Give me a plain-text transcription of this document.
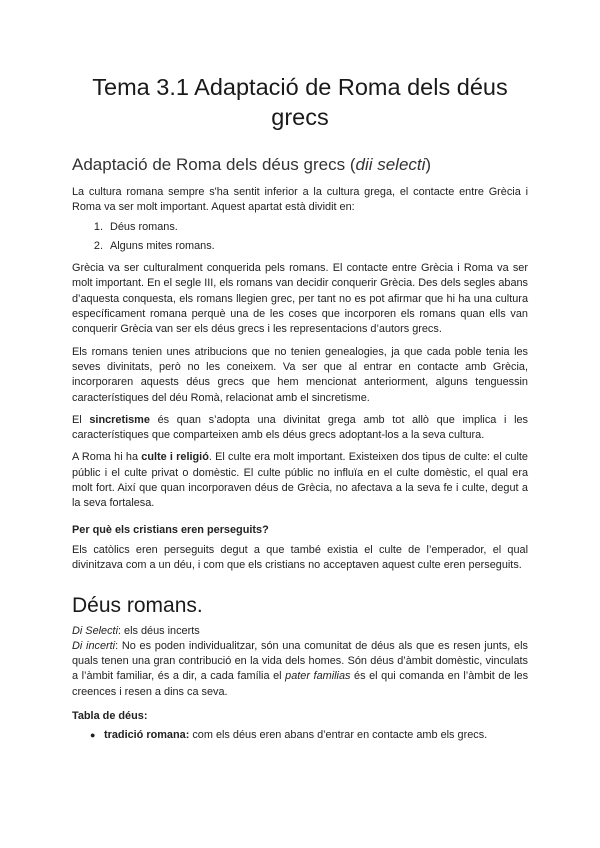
Tema 3.1 Adaptació de Roma dels déus grecs
Adaptació de Roma dels déus grecs (dii selecti)

La cultura romana sempre s'ha sentit inferior a la cultura grega, el contacte entre Grècia i Roma va ser molt important. Aquest apartat està dividit en:

1. Déus romans.
2. Alguns mites romans.

Grècia va ser culturalment conquerida pels romans. El contacte entre Grècia i Roma va ser molt important. En el segle III, els romans van decidir conquerir Grècia. Des dels segles abans d’aquesta conquesta, els romans llegien grec, per tant no es pot afirmar que hi ha una cultura específicament romana perquè una de les coses que incorporen els romans quan ells van conquerir Grècia van ser els déus grecs i les representacions d’autors grecs.

Els romans tenien unes atribucions que no tenien genealogies, ja que cada poble tenia les seves divinitats, però no les coneixem. Va ser que al entrar en contacte amb Grècia, incorporaren aquests déus grecs que hem mencionat anteriorment, alguns tenguessin característiques del déu Romà, relacionat amb el sincretisme.

El sincretisme és quan s’adopta una divinitat grega amb tot allò que implica i les característiques que comparteixen amb els déus grecs adoptant-los a la seva cultura.

A Roma hi ha culte i religió. El culte era molt important. Existeixen dos tipus de culte: el culte públic i el culte privat o domèstic. El culte públic no influïa en el culte domèstic, el qual era molt fort. Així que quan incorporaven déus de Grècia, no afectava a la seva fe i culte, degut a la seva fortalesa.

Per què els cristians eren perseguits?

Els catòlics eren perseguits degut a que també existia el culte de l’emperador, el qual divinitzava com a un déu, i com que els cristians no acceptaven aquest culte eren perseguits.

Déus romans.

Di Selecti: els déus incerts

Di incerti: No es poden individualitzar, són una comunitat de déus als que es resen junts, els quals tenen una gran contribució en la vida dels homes. Són déus d’àmbit domèstic, vinculats a l’àmbit familiar, és a dir, a cada família el pater familias és el qui comanda en l’àmbit de les creences i resen a dins ca seva.

Tabla de déus:

● tradició romana: com els déus eren abans d’entrar en contacte amb els grecs.
